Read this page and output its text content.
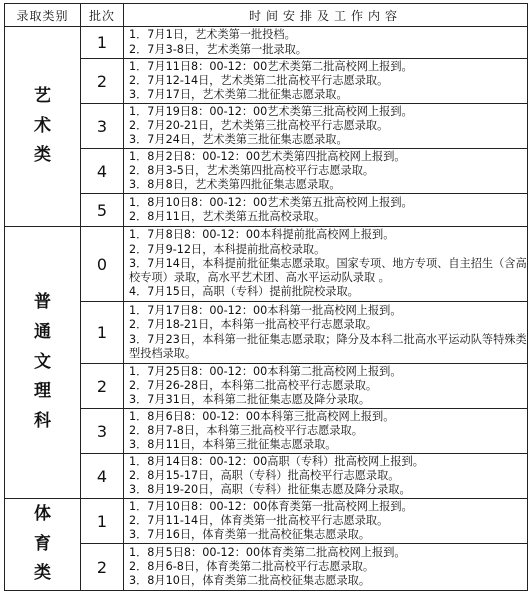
录取类别	批次	时间安排及工作内容
艺术类	1	1．7月1日，艺术类第一批投档。
2．7月3-8日，艺术类第一批录取。

	2	1．7月11日8：00-12：00艺术类第二批高校网上报到。
2．7月12-14日，艺术类第二批高校平行志愿录取。
3．7月17日，艺术类第二批征集志愿录取。

	3	1．7月19日8：00-12：00艺术类第三批高校网上报到。
2．7月20-21日，艺术类第三批高校平行志愿录取。
3．7月24日，艺术类第三批征集志愿录取。

	4	1．8月2日8：00-12：00艺术类第四批高校网上报到。
2．8月3-5日，艺术类第四批高校平行志愿录取。
3．8月8日，艺术类第四批征集志愿录取。

	5	1．8月10日8：00-12：00艺术类第五批高校网上报到。
2．8月11日，艺术类第五批高校录取。

普通文理科	0	1．7月8日8：00-12：00本科提前批高校网上报到。
2．7月9-12日，本科提前批高校录取。
3．7月14日，本科提前批征集志愿录取。国家专项、地方专项、自主招生（含高校专项）录取，高水平艺术团、高水平运动队录取 。
4．7月15日，高职（专科）提前批院校录取。

	1	1．7月17日8：00-12：00本科第一批高校网上报到。
2．7月18-21日，本科第一批高校平行志愿录取。
3．7月23日，本科第一批征集志愿录取；降分及本科二批高水平运动队等特殊类型投档录取。

	2	1．7月25日8：00-12：00本科第二批高校网上报到。
2．7月26-28日，本科第二批高校平行志愿录取。
3．7月31日，本科第二批征集志愿及降分录取。

	3	1．8月6日8：00-12：00本科第三批高校网上报到。
2．8月7-8日，本科第三批高校平行志愿录取。
3．8月11日，本科第三批征集志愿录取。

	4	1．8月14日8：00-12：00高职（专科）批高校网上报到。
2．8月15-17日，高职（专科）批高校平行志愿录取。
3．8月19-20日，高职（专科）批征集志愿及降分录取。

体育类	1	1．7月10日8：00-12：00体育类第一批高校网上报到。
2．7月11-14日，体育类第一批高校平行志愿录取。
3．7月16日，体育类第一批高校征集志愿录取。

	2	1．8月5日8：00-12：00体育类第二批高校网上报到。
2．8月6-8日，体育类第二批高校平行志愿录取。
3．8月10日，体育类第二批高校征集志愿录取。
